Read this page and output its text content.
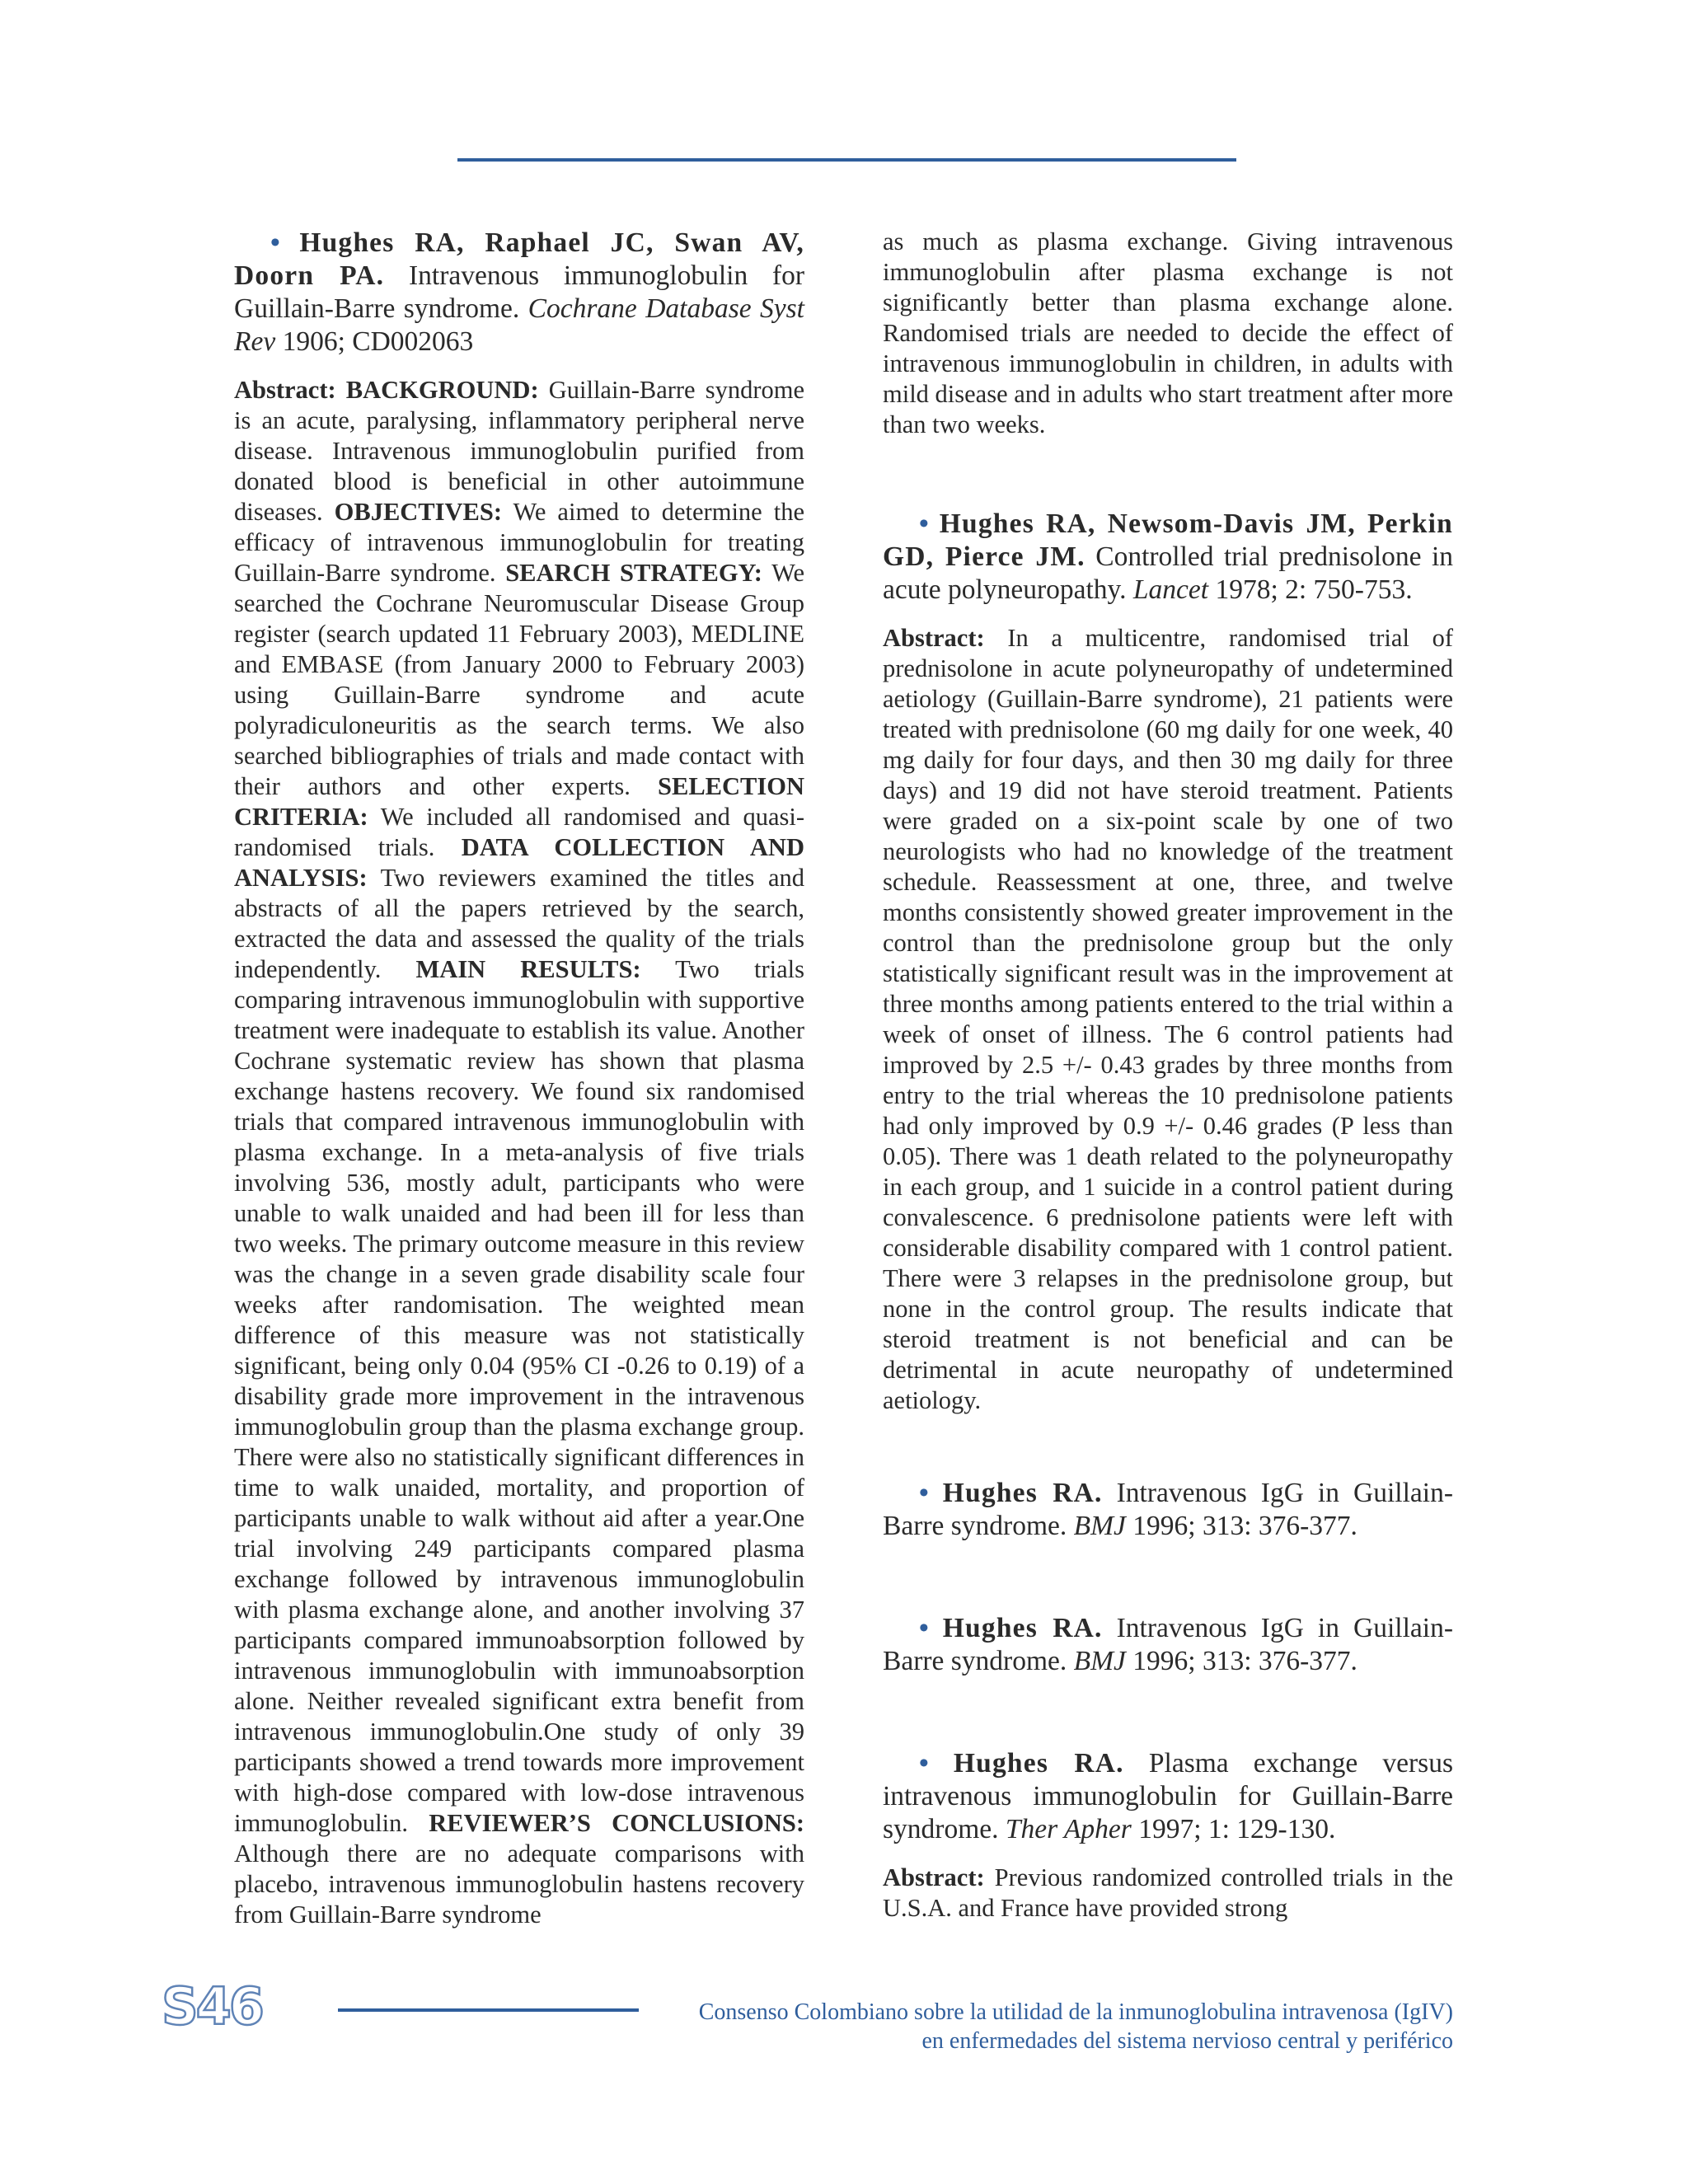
• Hughes RA, Raphael JC, Swan AV, Doorn PA. Intravenous immunoglobulin for Guillain-Barre syndrome. Cochrane Database Syst Rev 1906; CD002063

Abstract: BACKGROUND: Guillain-Barre syndrome is an acute, paralysing, inflammatory peripheral nerve disease. Intravenous immunoglobulin purified from donated blood is beneficial in other autoimmune diseases. OBJECTIVES: We aimed to determine the efficacy of intravenous immunoglobulin for treating Guillain-Barre syndrome. SEARCH STRATEGY: We searched the Cochrane Neuromuscular Disease Group register (search updated 11 February 2003), MEDLINE and EMBASE (from January 2000 to February 2003) using Guillain-Barre syndrome and acute polyradiculoneuritis as the search terms. We also searched bibliographies of trials and made contact with their authors and other experts. SELECTION CRITERIA: We included all randomised and quasi-randomised trials. DATA COLLECTION AND ANALYSIS: Two reviewers examined the titles and abstracts of all the papers retrieved by the search, extracted the data and assessed the quality of the trials independently. MAIN RESULTS: Two trials comparing intravenous immunoglobulin with supportive treatment were inadequate to establish its value. Another Cochrane systematic review has shown that plasma exchange hastens recovery. We found six randomised trials that compared intravenous immunoglobulin with plasma exchange. In a meta-analysis of five trials involving 536, mostly adult, participants who were unable to walk unaided and had been ill for less than two weeks. The primary outcome measure in this review was the change in a seven grade disability scale four weeks after randomisation. The weighted mean difference of this measure was not statistically significant, being only 0.04 (95% CI -0.26 to 0.19) of a disability grade more improvement in the intravenous immunoglobulin group than the plasma exchange group. There were also no statistically significant differences in time to walk unaided, mortality, and proportion of participants unable to walk without aid after a year.One trial involving 249 participants compared plasma exchange followed by intravenous immunoglobulin with plasma exchange alone, and another involving 37 participants compared immunoabsorption followed by intravenous immunoglobulin with immunoabsorption alone. Neither revealed significant extra benefit from intravenous immunoglobulin.One study of only 39 participants showed a trend towards more improvement with high-dose compared with low-dose intravenous immunoglobulin. REVIEWER’S CONCLUSIONS: Although there are no adequate comparisons with placebo, intravenous immunoglobulin hastens recovery from Guillain-Barre syndrome

as much as plasma exchange. Giving intravenous immunoglobulin after plasma exchange is not significantly better than plasma exchange alone. Randomised trials are needed to decide the effect of intravenous immunoglobulin in children, in adults with mild disease and in adults who start treatment after more than two weeks.

• Hughes RA, Newsom-Davis JM, Perkin GD, Pierce JM. Controlled trial prednisolone in acute polyneuropathy. Lancet 1978; 2: 750-753.

Abstract: In a multicentre, randomised trial of prednisolone in acute polyneuropathy of undetermined aetiology (Guillain-Barre syndrome), 21 patients were treated with prednisolone (60 mg daily for one week, 40 mg daily for four days, and then 30 mg daily for three days) and 19 did not have steroid treatment. Patients were graded on a six-point scale by one of two neurologists who had no knowledge of the treatment schedule. Reassessment at one, three, and twelve months consistently showed greater improvement in the control than the prednisolone group but the only statistically significant result was in the improvement at three months among patients entered to the trial within a week of onset of illness. The 6 control patients had improved by 2.5 +/- 0.43 grades by three months from entry to the trial whereas the 10 prednisolone patients had only improved by 0.9 +/- 0.46 grades (P less than 0.05). There was 1 death related to the polyneuropathy in each group, and 1 suicide in a control patient during convalescence. 6 prednisolone patients were left with considerable disability compared with 1 control patient. There were 3 relapses in the prednisolone group, but none in the control group. The results indicate that steroid treatment is not beneficial and can be detrimental in acute neuropathy of undetermined aetiology.

• Hughes RA. Intravenous IgG in Guillain-Barre syndrome. BMJ 1996; 313: 376-377.

• Hughes RA. Intravenous IgG in Guillain-Barre syndrome. BMJ 1996; 313: 376-377.

• Hughes RA. Plasma exchange versus intravenous immunoglobulin for Guillain-Barre syndrome. Ther Apher 1997; 1: 129-130.

Abstract: Previous randomized controlled trials in the U.S.A. and France have provided strong

S46	Consenso Colombiano sobre la utilidad de la inmunoglobulina intravenosa (IgIV)
en enfermedades del sistema nervioso central y periférico
